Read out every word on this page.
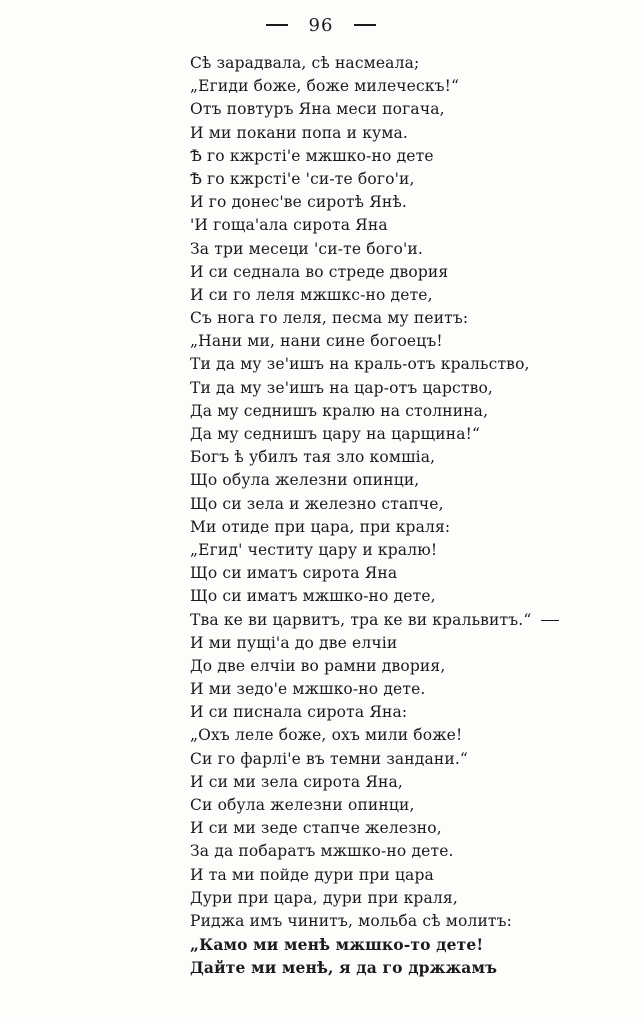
96
Сѣ зарадвала, сѣ насмеала;
„Егиди боже, боже милеческъ!“
Отъ повтуръ Яна меси погача,
И ми покани попа и кума.
Ѣ го кжрсті'е мжшко-но дете
Ѣ го кжрсті'е 'си-те бого'и,
И го донес'ве сиротѣ Янѣ.
'И гоща'ала сирота Яна
За три месеци 'си-те бого'и.
И си седнала во стреде двория
И си го леля мжшкс-но дете,
Съ нога го леля, песма му пеитъ:
„Нани ми, нани сине богоецъ!
Ти да му зе'ишъ на краль-отъ кральство,
Ти да му зе'ишъ на цар-отъ царство,
Да му седнишъ кралю на столнина,
Да му седнишъ цару на царщина!“
Богъ ѣ убилъ тая зло комшіа,
Що обула железни опинци,
Що си зела и железно стапче,
Ми отиде при цара, при краля:
„Егид' честиту цару и кралю!
Що си иматъ сирота Яна
Що си иматъ мжшко-но дете,
Тва ке ви царвитъ, тра ке ви кральвитъ.“
И ми пущі'а до две елчіи
До две елчіи во рамни двория,
И ми зедо'е мжшко-но дете.
И си писнала сирота Яна:
„Охъ леле боже, охъ мили боже!
Си го фарлі'е въ темни зандани.“
И си ми зела сирота Яна,
Си обула железни опинци,
И си ми зеде стапче железно,
За да побаратъ мжшко-но дете.
И та ми пойде дури при цара
Дури при цара, дури при краля,
Риджа имъ чинитъ, мольба сѣ молитъ:
„Камо ми менѣ мжшко-то дете!
Дайте ми менѣ, я да го држжамъ
